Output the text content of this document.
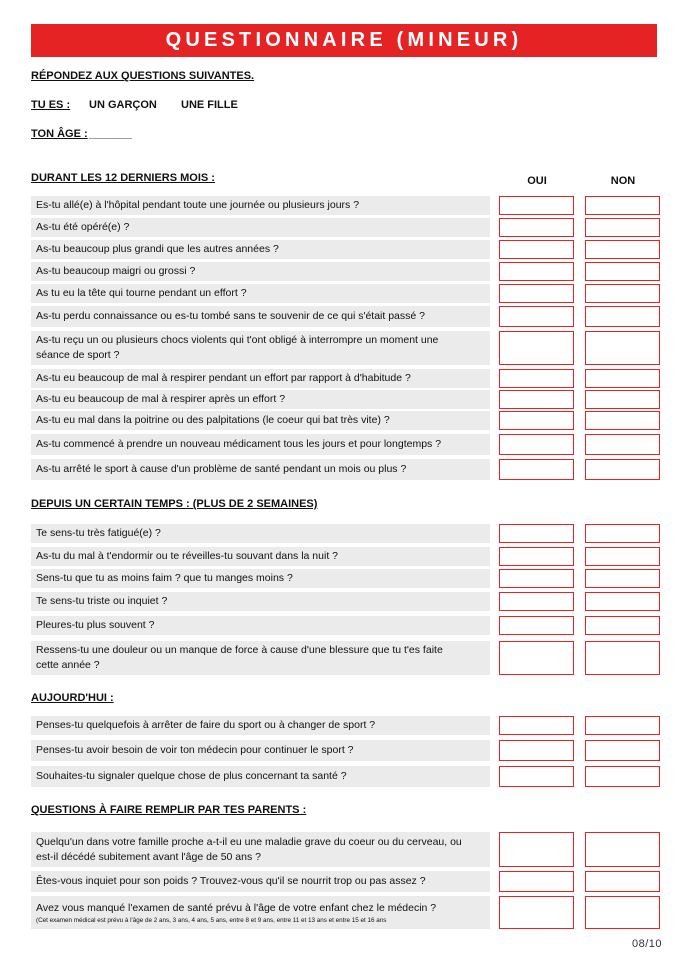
QUESTIONNAIRE (MINEUR)
RÉPONDEZ AUX QUESTIONS SUIVANTES.
TU ES : UN GARÇON UNE FILLE
TON ÂGE : _______
DURANT LES 12 DERNIERS MOIS :	OUI	NON
Es-tu allé(e) à l'hôpital pendant toute une journée ou plusieurs jours ?
As-tu été opéré(e) ?
As-tu beaucoup plus grandi que les autres années ?
As-tu beaucoup maigri ou grossi ?
As tu eu la tête qui tourne pendant un effort ?
As-tu perdu connaissance ou es-tu tombé sans te souvenir de ce qui s'était passé ?
As-tu reçu un ou plusieurs chocs violents qui t'ont obligé à interrompre un moment une
séance de sport ?
As-tu eu beaucoup de mal à respirer pendant un effort par rapport à d'habitude ?
As-tu eu beaucoup de mal à respirer après un effort ?
As-tu eu mal dans la poitrine ou des palpitations (le coeur qui bat très vite) ?
As-tu commencé à prendre un nouveau médicament tous les jours et pour longtemps ?
As-tu arrêté le sport à cause d'un problème de santé pendant un mois ou plus ?
DEPUIS UN CERTAIN TEMPS : (PLUS DE 2 SEMAINES)
Te sens-tu très fatigué(e) ?
As-tu du mal à t'endormir ou te réveilles-tu souvant dans la nuit ?
Sens-tu que tu as moins faim ? que tu manges moins ?
Te sens-tu triste ou inquiet ?
Pleures-tu plus souvent ?
Ressens-tu une douleur ou un manque de force à cause d'une blessure que tu t'es faite
cette année ?
AUJOURD'HUI :
Penses-tu quelquefois à arrêter de faire du sport ou à changer de sport ?
Penses-tu avoir besoin de voir ton médecin pour continuer le sport ?
Souhaites-tu signaler quelque chose de plus concernant ta santé ?
QUESTIONS À FAIRE REMPLIR PAR TES PARENTS :
Quelqu'un dans votre famille proche a-t-il eu une maladie grave du coeur ou du cerveau, ou
est-il décédé subitement avant l'âge de 50 ans ?
Êtes-vous inquiet pour son poids ? Trouvez-vous qu'il se nourrit trop ou pas assez ?
Avez vous manqué l'examen de santé prévu à l'âge de votre enfant chez le médecin ?
(Cet examen médical est prévu à l'âge de 2 ans, 3 ans, 4 ans, 5 ans, entre 8 et 9 ans, entre 11 et 13 ans et entre 15 et 16 ans
08/10
